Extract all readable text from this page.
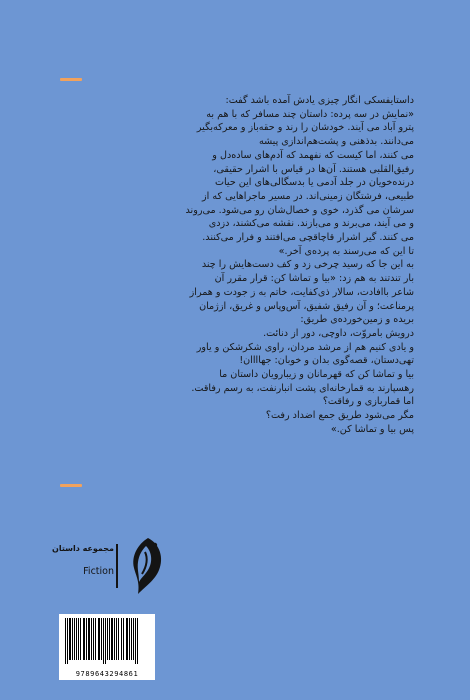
داستایفسکی انگار چیزی یادش آمده باشد گفت:
«نمایش در سه پرده: داستان چند مسافر که با هم به
پترو آباد می آیند. خودشان را رند و حقه‌باز و معرکه‌بگیر
می‌دانند. بدذهنی و پشت‌هم‌اندازی پیشه
می کنند، اما کیست که نفهمد که آدم‌های ساده‌دل و
رفیق‌القلبی هستند. آن‌ها در قیاس با اشرار حقیقی،
درنده‌خویان در جلد آدمی یا بدسگالی‌های این حیات
طبیعی، فرشتگان زمینی‌اند. در مسیر ماجراهایی که از
سرشان می گذرد، خوی و خصال‌شان رو می‌شود. می‌روند
و می آیند، می‌برند و می‌بازند. نقشه می‌کشند، دزدی
می کنند. گیر اشرار قاچاقچی می‌افتند و فرار می‌کنند.
تا این که می‌رسند به پرده‌ی آخر.»
به این جا که رسید چرخی زد و کف دست‌هایش را چند
بار تندتند به هم زد: «بیا و تماشا کن: قرار مقرر آن
شاعر باافادت، سالار ذی‌کفایت، خاتم به ز جودت و همراز
پرمناعت؛ و آن رفیق شفیق، آس‌وپاس و غریق، ازژمان
بریده و زمین‌خورده‌ی طریق:
درویش بامروّت، داوچی، دور از دنائت.
و یادی کنیم هم از مرشد مردان، راوی شکرشکن و یاور
تهی‌دستان، قصه‌گوی بدان و خوبان: جهاااان!
بیا و تماشا کن که قهرمانان و زیبارویان داستان ما
رهسپارند به قمارخانه‌ای پشت انبارنفت، به رسم رفاقت.
اما قماربازی و رفاقت؟
مگر می‌شود طریق جمع اضداد رفت؟
پس بیا و تماشا کن.»
مجموعه داستان
Fiction
9789643294861
